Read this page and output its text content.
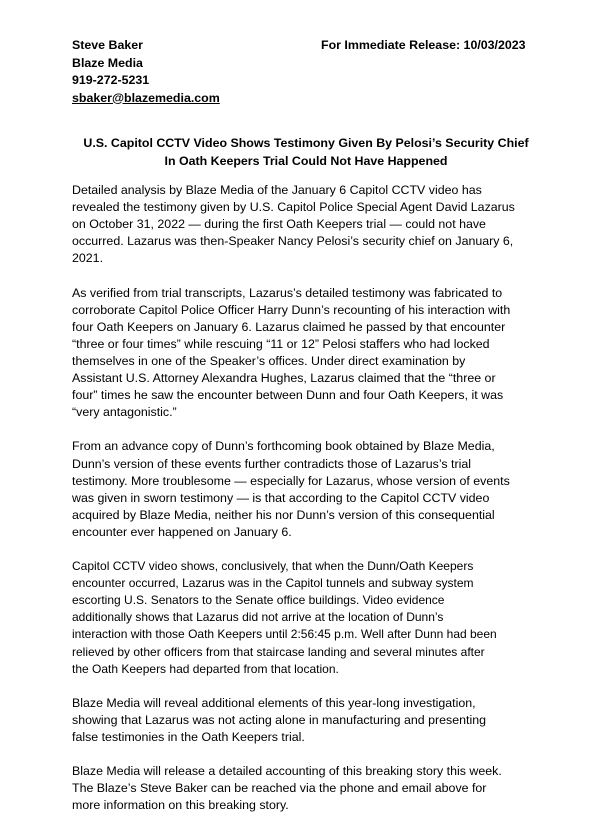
Steve Baker
Blaze Media
919-272-5231
sbaker@blazemedia.com
For Immediate Release: 10/03/2023
U.S. Capitol CCTV Video Shows Testimony Given By Pelosi’s Security Chief
In Oath Keepers Trial Could Not Have Happened

Detailed analysis by Blaze Media of the January 6 Capitol CCTV video has
revealed the testimony given by U.S. Capitol Police Special Agent David Lazarus
on October 31, 2022 — during the first Oath Keepers trial — could not have
occurred. Lazarus was then-Speaker Nancy Pelosi’s security chief on January 6,
2021.

As verified from trial transcripts, Lazarus’s detailed testimony was fabricated to
corroborate Capitol Police Officer Harry Dunn’s recounting of his interaction with
four Oath Keepers on January 6. Lazarus claimed he passed by that encounter
“three or four times” while rescuing “11 or 12” Pelosi staffers who had locked
themselves in one of the Speaker’s offices. Under direct examination by
Assistant U.S. Attorney Alexandra Hughes, Lazarus claimed that the “three or
four” times he saw the encounter between Dunn and four Oath Keepers, it was
“very antagonistic.”

From an advance copy of Dunn’s forthcoming book obtained by Blaze Media,
Dunn’s version of these events further contradicts those of Lazarus’s trial
testimony. More troublesome — especially for Lazarus, whose version of events
was given in sworn testimony — is that according to the Capitol CCTV video
acquired by Blaze Media, neither his nor Dunn’s version of this consequential
encounter ever happened on January 6.

Capitol CCTV video shows, conclusively, that when the Dunn/Oath Keepers
encounter occurred, Lazarus was in the Capitol tunnels and subway system
escorting U.S. Senators to the Senate office buildings. Video evidence
additionally shows that Lazarus did not arrive at the location of Dunn’s
interaction with those Oath Keepers until 2:56:45 p.m. Well after Dunn had been
relieved by other officers from that staircase landing and several minutes after
the Oath Keepers had departed from that location.

Blaze Media will reveal additional elements of this year-long investigation,
showing that Lazarus was not acting alone in manufacturing and presenting
false testimonies in the Oath Keepers trial.

Blaze Media will release a detailed accounting of this breaking story this week.
The Blaze’s Steve Baker can be reached via the phone and email above for
more information on this breaking story.
